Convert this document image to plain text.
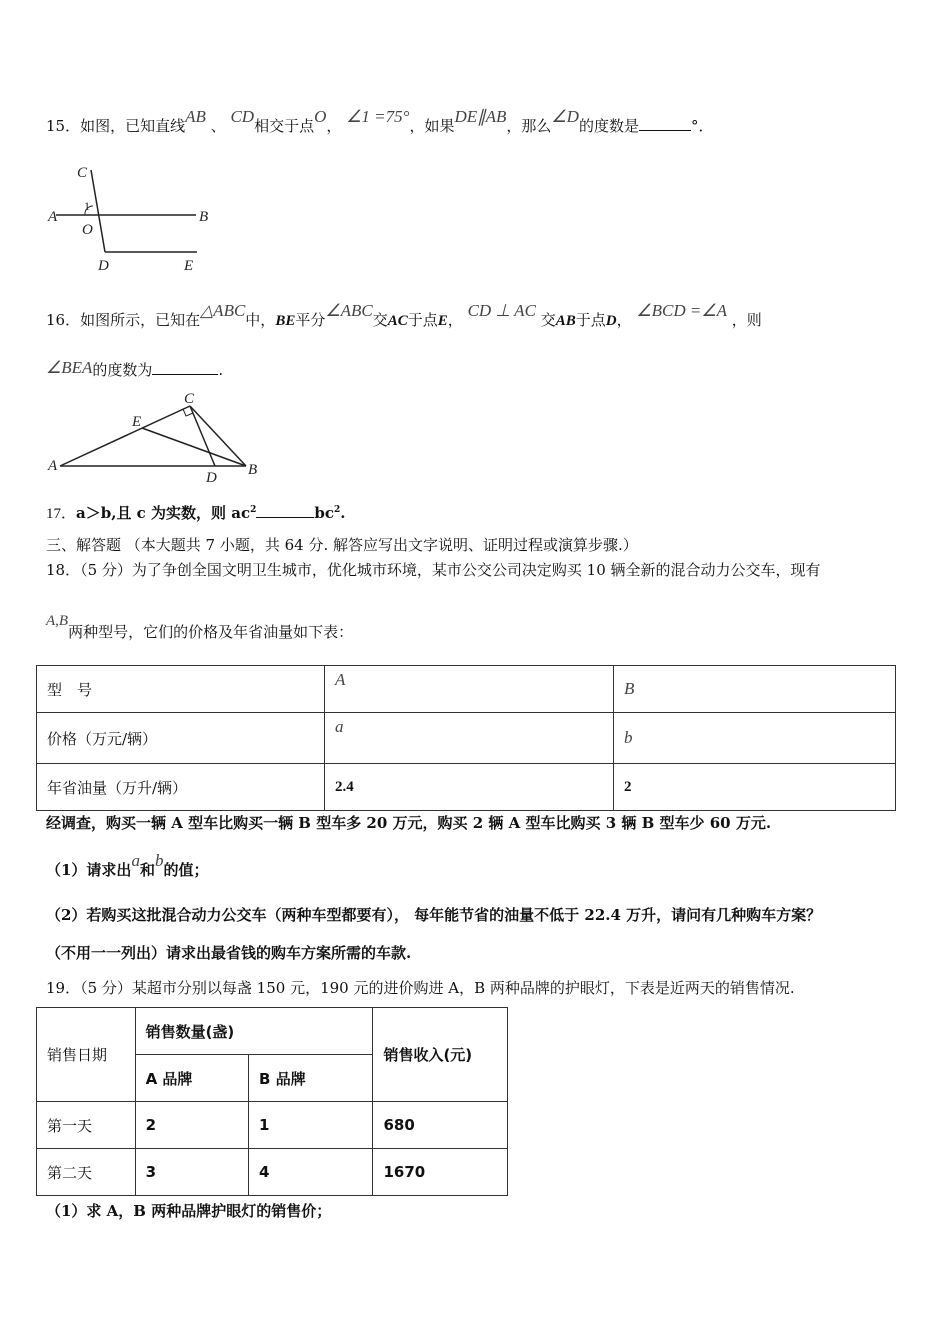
15．如图，已知直线AB 、 CD相交于点O， ∠1 =75°，如果DE∥AB，那么∠D的度数是	°．
C
1
A
O
B
D	E
16．如图所示，已知在△ABC中，BE平分∠ABC交AC于点E， CD ⊥ AC 交AB于点D， ∠BCD =∠A ，则
∠BEA的度数为	.
C
E
A
D B
17．a＞b,且 c 为实数，则 $ac^2$	$bc^2$.
三、解答题 （本大题共 7 小题，共 64 分. 解答应写出文字说明、证明过程或演算步骤.）
18．（5 分）为了争创全国文明卫生城市，优化城市环境，某市公交公司决定购买 10 辆全新的混合动力公交车，现有
A,B两种型号，它们的价格及年省油量如下表：
型　号	A	B
价格（万元/辆）	a	b
年省油量（万升/辆）	2.4	2
经调查，购买一辆 A 型车比购买一辆 B 型车多 20 万元，购买 2 辆 A 型车比购买 3 辆 B 型车少 60 万元.
（1）请求出a和b的值；
（2）若购买这批混合动力公交车（两种车型都要有）， 每年能节省的油量不低于 22.4 万升，请问有几种购车方案？
（不用一一列出）请求出最省钱的购车方案所需的车款.
19．（5 分）某超市分别以每盏 150 元，190 元的进价购进 A，B 两种品牌的护眼灯，下表是近两天的销售情况.
销售日期	销售数量(盏)		销售收入(元)
	A 品牌	B 品牌	
第一天	2	1	680
第二天	3	4	1670
（1）求 A，B 两种品牌护眼灯的销售价；
